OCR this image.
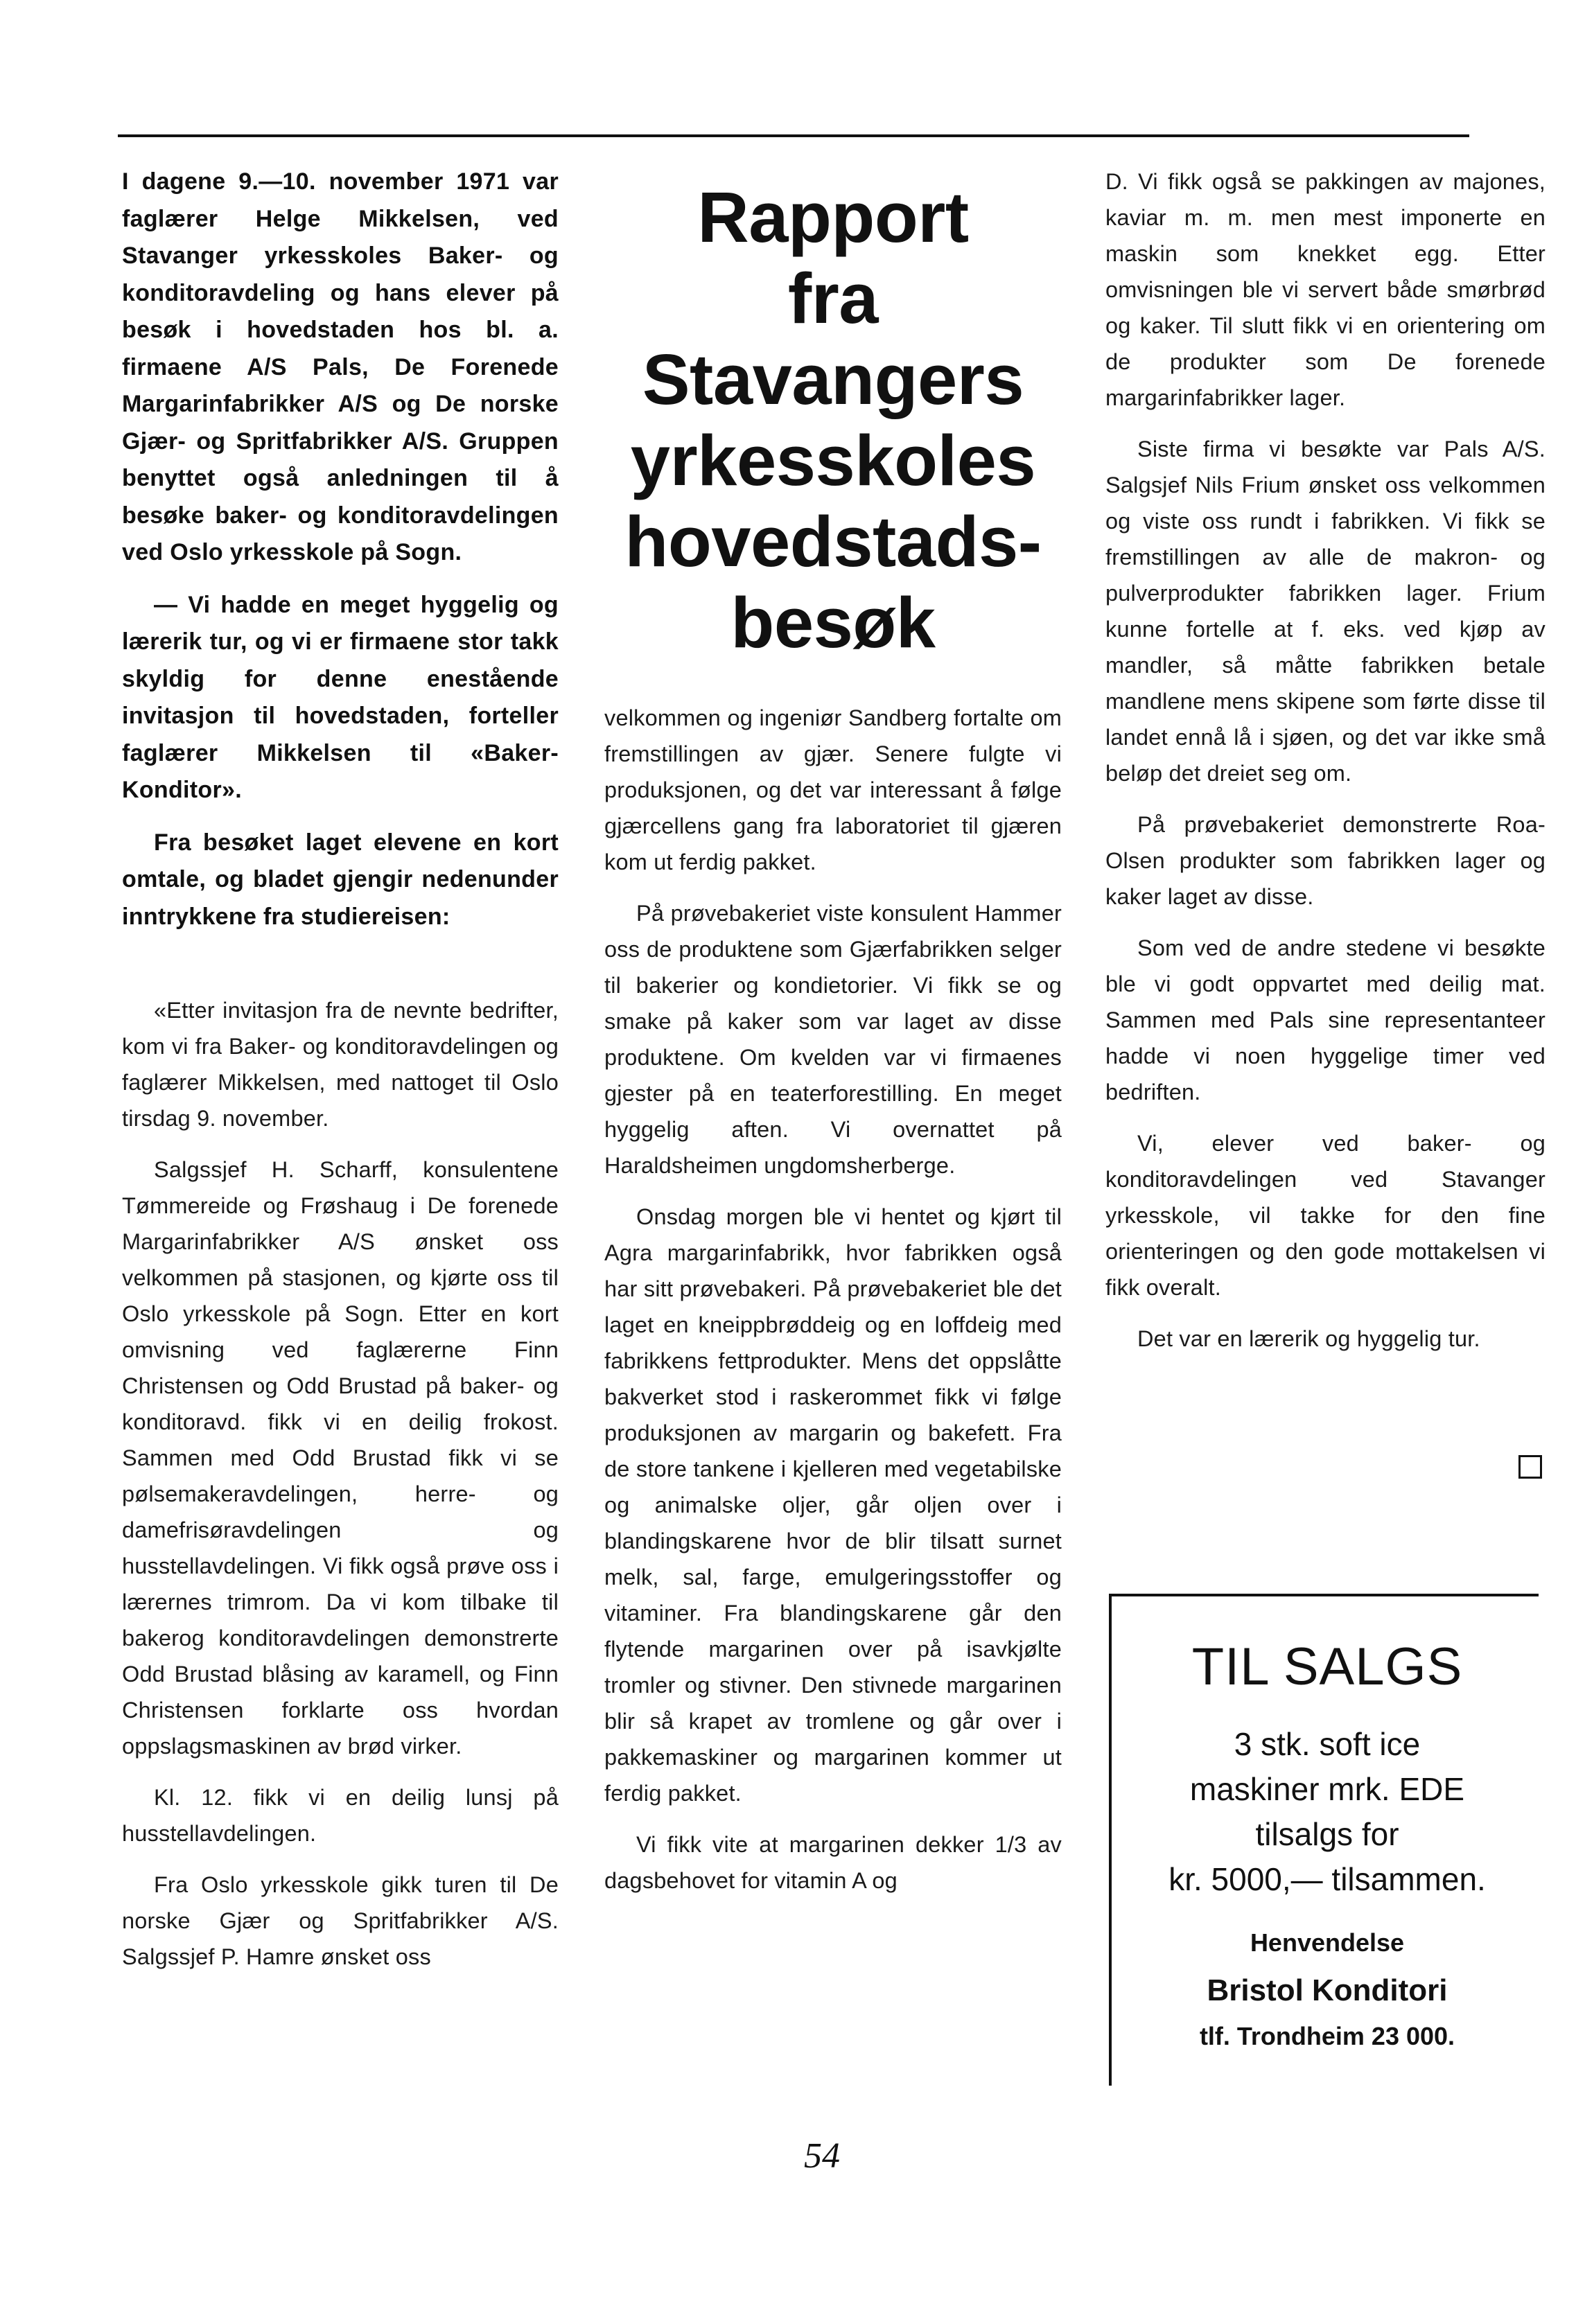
I dagene 9.—10. november 1971 var faglærer Helge Mikkelsen, ved Stavanger yrkesskoles Baker- og konditoravdeling og hans elever på besøk i hovedstaden hos bl. a. firmaene A/S Pals, De Forenede Margarinfabrikker A/S og De norske Gjær- og Spritfabrikker A/S. Gruppen benyttet også anledningen til å besøke baker- og konditoravdelingen ved Oslo yrkesskole på Sogn.

— Vi hadde en meget hyggelig og lærerik tur, og vi er firmaene stor takk skyldig for denne enestående invitasjon til hovedstaden, forteller faglærer Mikkelsen til «Baker-Konditor».

Fra besøket laget elevene en kort omtale, og bladet gjengir nedenunder inntrykkene fra studiereisen:

«Etter invitasjon fra de nevnte bedrifter, kom vi fra Baker- og konditoravdelingen og faglærer Mikkelsen, med nattoget til Oslo tirsdag 9. november.

Salgssjef H. Scharff, konsulentene Tømmereide og Frøshaug i De forenede Margarinfabrikker A/S ønsket oss velkommen på stasjonen, og kjørte oss til Oslo yrkesskole på Sogn. Etter en kort omvisning ved faglærerne Finn Christensen og Odd Brustad på baker- og konditoravd. fikk vi en deilig frokost. Sammen med Odd Brustad fikk vi se pølsemakeravdelingen, herre- og damefrisøravdelingen og husstellavdelingen. Vi fikk også prøve oss i lærernes trimrom. Da vi kom tilbake til bakerog konditoravdelingen demonstrerte Odd Brustad blåsing av karamell, og Finn Christensen forklarte oss hvordan oppslagsmaskinen av brød virker.

Kl. 12. fikk vi en deilig lunsj på husstellavdelingen.

Fra Oslo yrkesskole gikk turen til De norske Gjær og Spritfabrikker A/S. Salgssjef P. Hamre ønsket oss

Rapport
fra
Stavangers
yrkesskoles
hovedstads-
besøk

velkommen og ingeniør Sandberg fortalte om fremstillingen av gjær. Senere fulgte vi produksjonen, og det var interessant å følge gjærcellens gang fra laboratoriet til gjæren kom ut ferdig pakket.

På prøvebakeriet viste konsulent Hammer oss de produktene som Gjærfabrikken selger til bakerier og kondietorier. Vi fikk se og smake på kaker som var laget av disse produktene. Om kvelden var vi firmaenes gjester på en teaterforestilling. En meget hyggelig aften. Vi overnattet på Haraldsheimen ungdomsherberge.

Onsdag morgen ble vi hentet og kjørt til Agra margarinfabrikk, hvor fabrikken også har sitt prøvebakeri. På prøvebakeriet ble det laget en kneippbrøddeig og en loffdeig med fabrikkens fettprodukter. Mens det oppslåtte bakverket stod i raskerommet fikk vi følge produksjonen av margarin og bakefett. Fra de store tankene i kjelleren med vegetabilske og animalske oljer, går oljen over i blandingskarene hvor de blir tilsatt surnet melk, sal, farge, emulgeringsstoffer og vitaminer. Fra blandingskarene går den flytende margarinen over på isavkjølte tromler og stivner. Den stivnede margarinen blir så krapet av tromlene og går over i pakkemaskiner og margarinen kommer ut ferdig pakket.

Vi fikk vite at margarinen dekker 1/3 av dagsbehovet for vitamin A og

D. Vi fikk også se pakkingen av majones, kaviar m. m. men mest imponerte en maskin som knekket egg. Etter omvisningen ble vi servert både smørbrød og kaker. Til slutt fikk vi en orientering om de produkter som De forenede margarinfabrikker lager.

Siste firma vi besøkte var Pals A/S. Salgsjef Nils Frium ønsket oss velkommen og viste oss rundt i fabrikken. Vi fikk se fremstillingen av alle de makron- og pulverprodukter fabrikken lager. Frium kunne fortelle at f. eks. ved kjøp av mandler, så måtte fabrikken betale mandlene mens skipene som førte disse til landet ennå lå i sjøen, og det var ikke små beløp det dreiet seg om.

På prøvebakeriet demonstrerte Roa-Olsen produkter som fabrikken lager og kaker laget av disse.

Som ved de andre stedene vi besøkte ble vi godt oppvartet med deilig mat. Sammen med Pals sine representanteer hadde vi noen hyggelige timer ved bedriften.

Vi, elever ved baker- og konditoravdelingen ved Stavanger yrkesskole, vil takke for den fine orienteringen og den gode mottakelsen vi fikk overalt.

Det var en lærerik og hyggelig tur.

TIL SALGS
3 stk. soft ice
maskiner mrk. EDE
tilsalgs for
kr. 5000,— tilsammen.
Henvendelse
Bristol Konditori
tlf. Trondheim 23 000.
54
